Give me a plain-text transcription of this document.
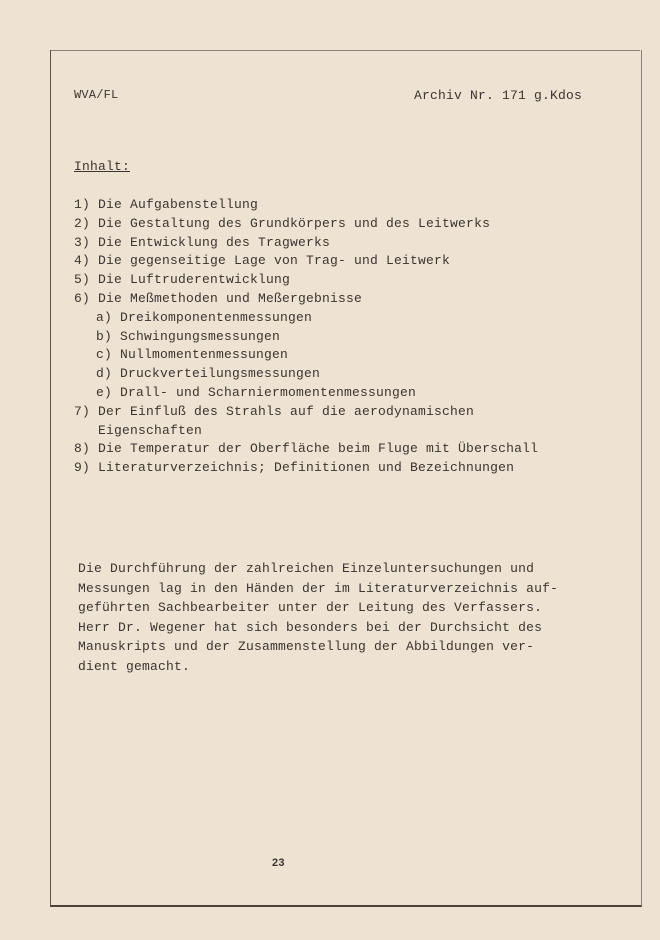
WVA/FL	Archiv Nr. 171 g.Kdos
Inhalt:
1) Die Aufgabenstellung
2) Die Gestaltung des Grundkörpers und des Leitwerks
3) Die Entwicklung des Tragwerks
4) Die gegenseitige Lage von Trag- und Leitwerk
5) Die Luftruderentwicklung
6) Die Meßmethoden und Meßergebnisse
a) Dreikomponentenmessungen
b) Schwingungsmessungen
c) Nullmomentenmessungen
d) Druckverteilungsmessungen
e) Drall- und Scharniermomentenmessungen
7) Der Einfluß des Strahls auf die aerodynamischen
Eigenschaften
8) Die Temperatur der Oberfläche beim Fluge mit Überschall
9) Literaturverzeichnis; Definitionen und Bezeichnungen
Die Durchführung der zahlreichen Einzeluntersuchungen und
Messungen lag in den Händen der im Literaturverzeichnis auf-
geführten Sachbearbeiter unter der Leitung des Verfassers.
Herr Dr. Wegener hat sich besonders bei der Durchsicht des
Manuskripts und der Zusammenstellung der Abbildungen ver-
dient gemacht.
23
